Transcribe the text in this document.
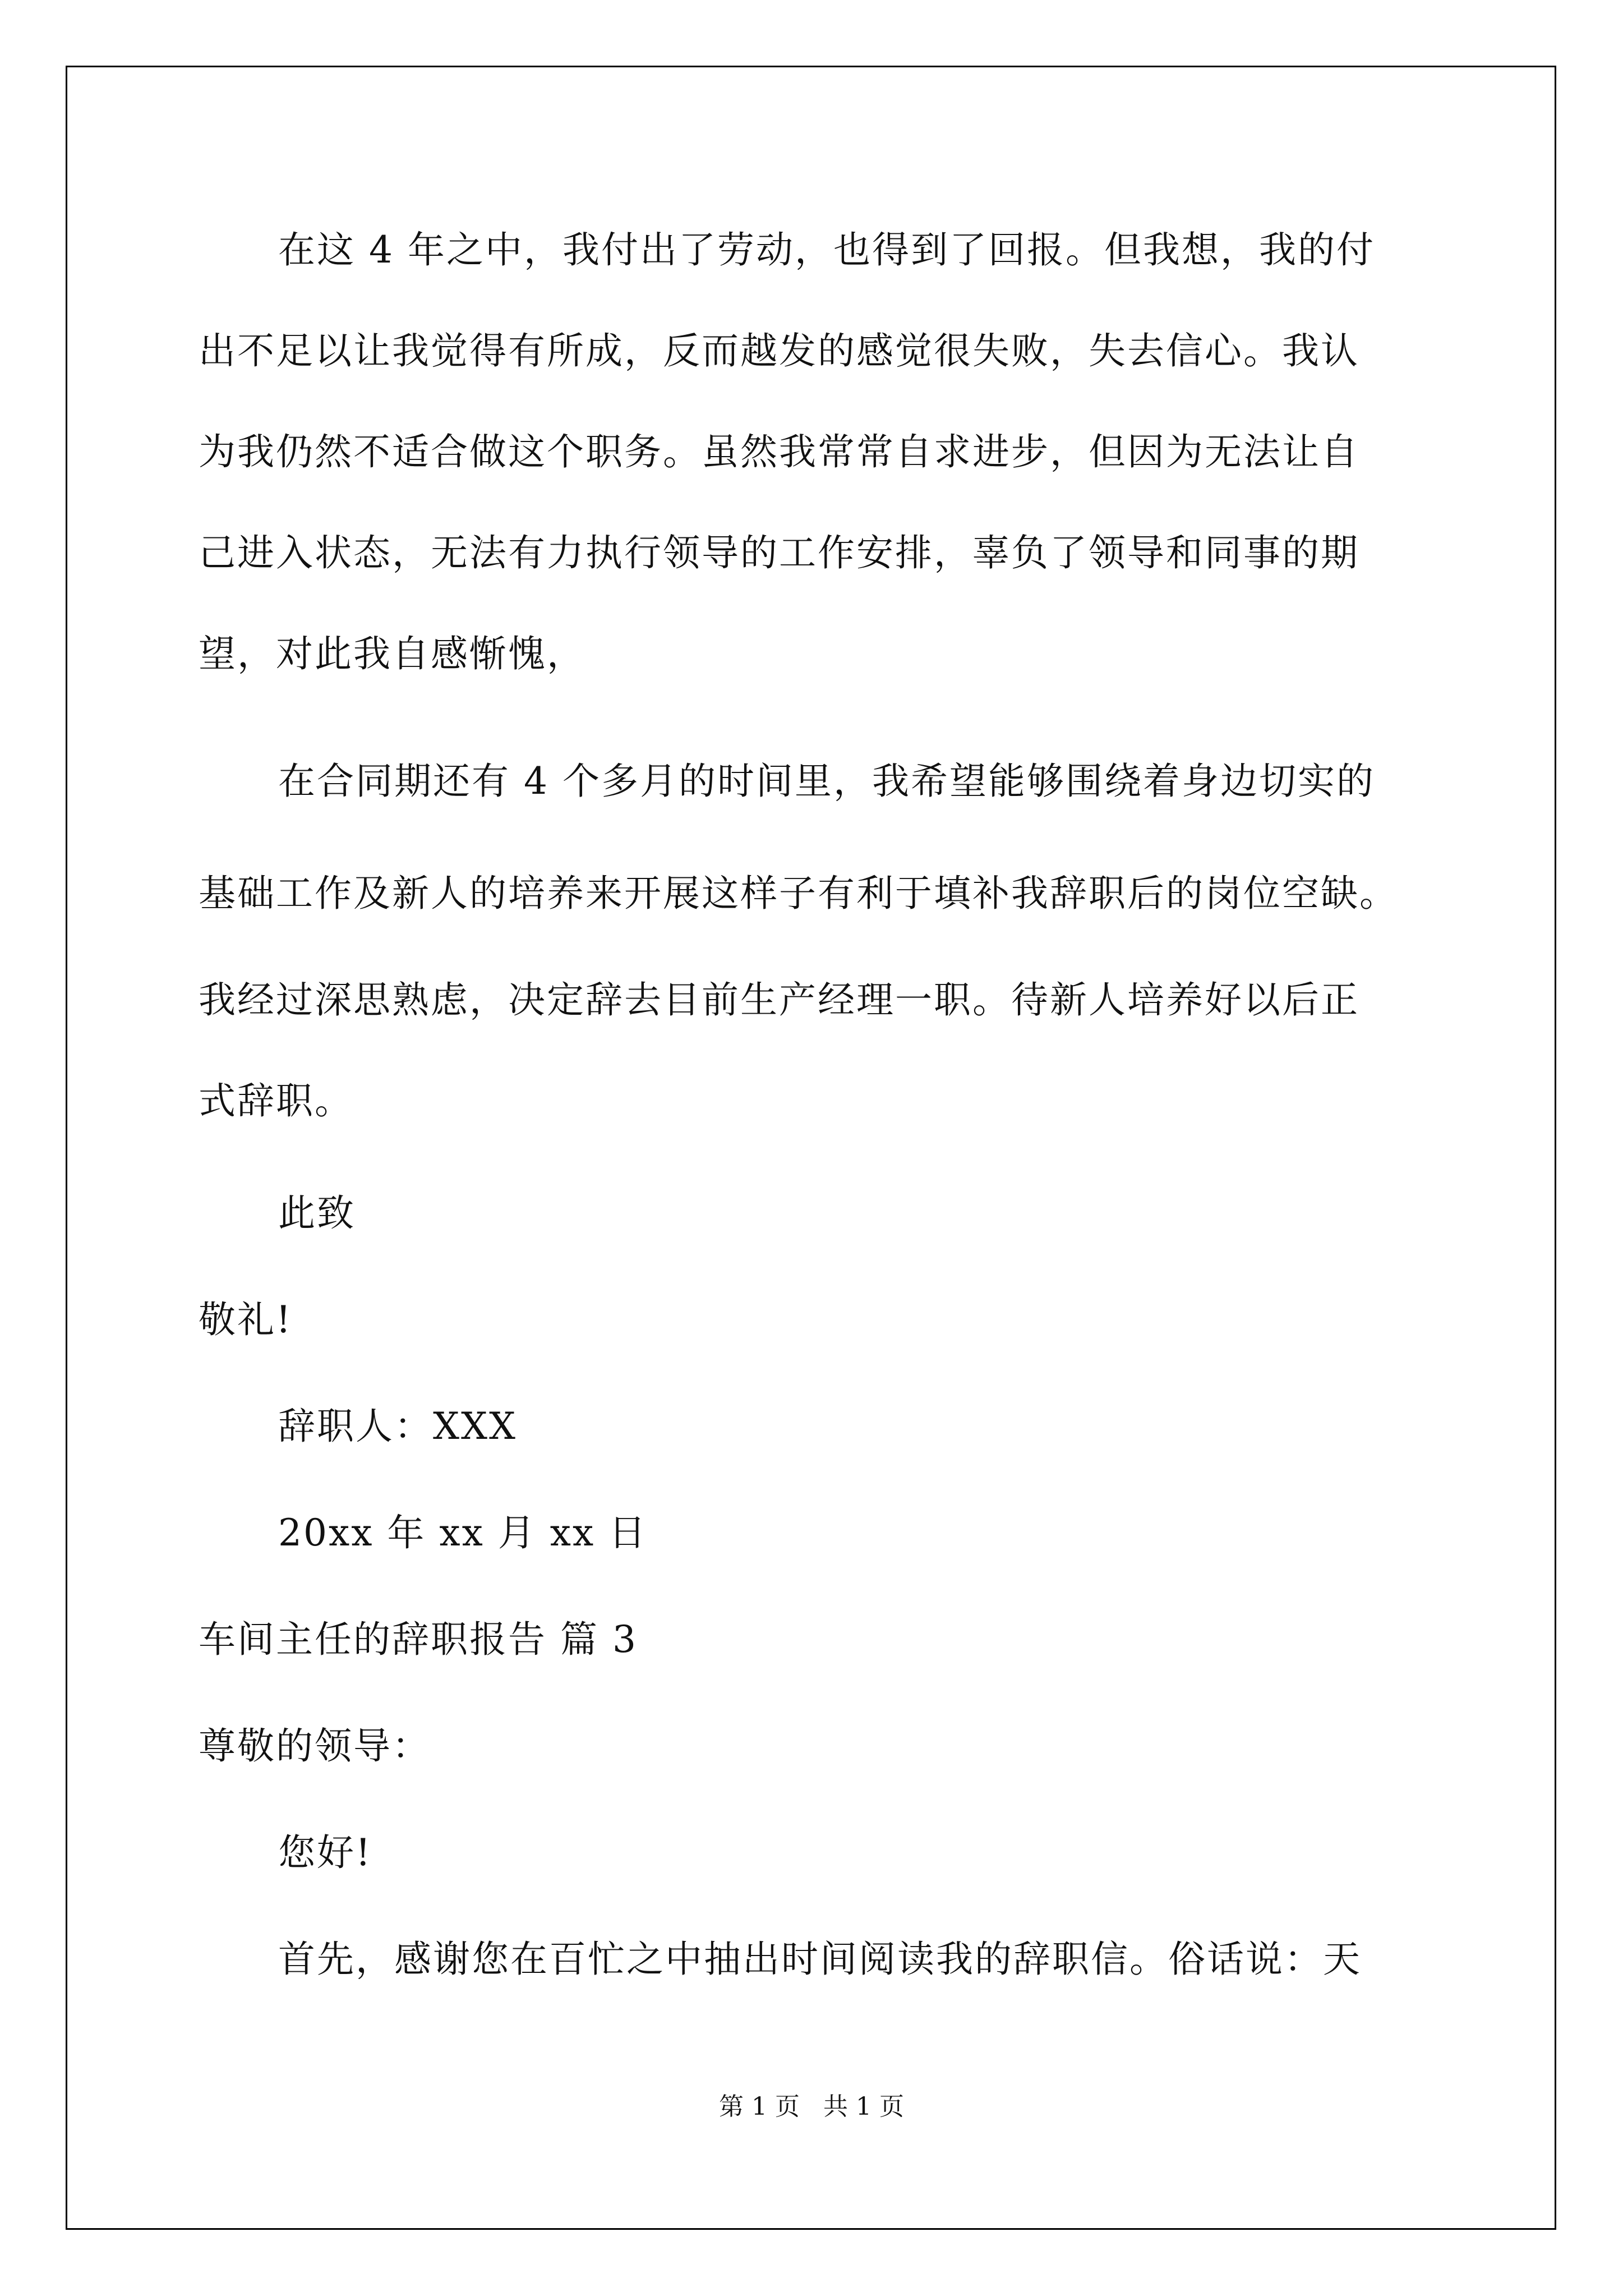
在这 4 年之中，我付出了劳动，也得到了回报。但我想，我的付
出不足以让我觉得有所成，反而越发的感觉很失败，失去信心。我认
为我仍然不适合做这个职务。虽然我常常自求进步，但因为无法让自
己进入状态，无法有力执行领导的工作安排，辜负了领导和同事的期
望，对此我自感惭愧，
在合同期还有 4 个多月的时间里，我希望能够围绕着身边切实的
基础工作及新人的培养来开展这样子有利于填补我辞职后的岗位空缺。
我经过深思熟虑，决定辞去目前生产经理一职。待新人培养好以后正
式辞职。
此致
敬礼!
辞职人：XXX
20xx 年 xx 月 xx 日
车间主任的辞职报告 篇 3
尊敬的领导：
您好!
首先，感谢您在百忙之中抽出时间阅读我的辞职信。俗话说：天
第 1 页   共 1 页
